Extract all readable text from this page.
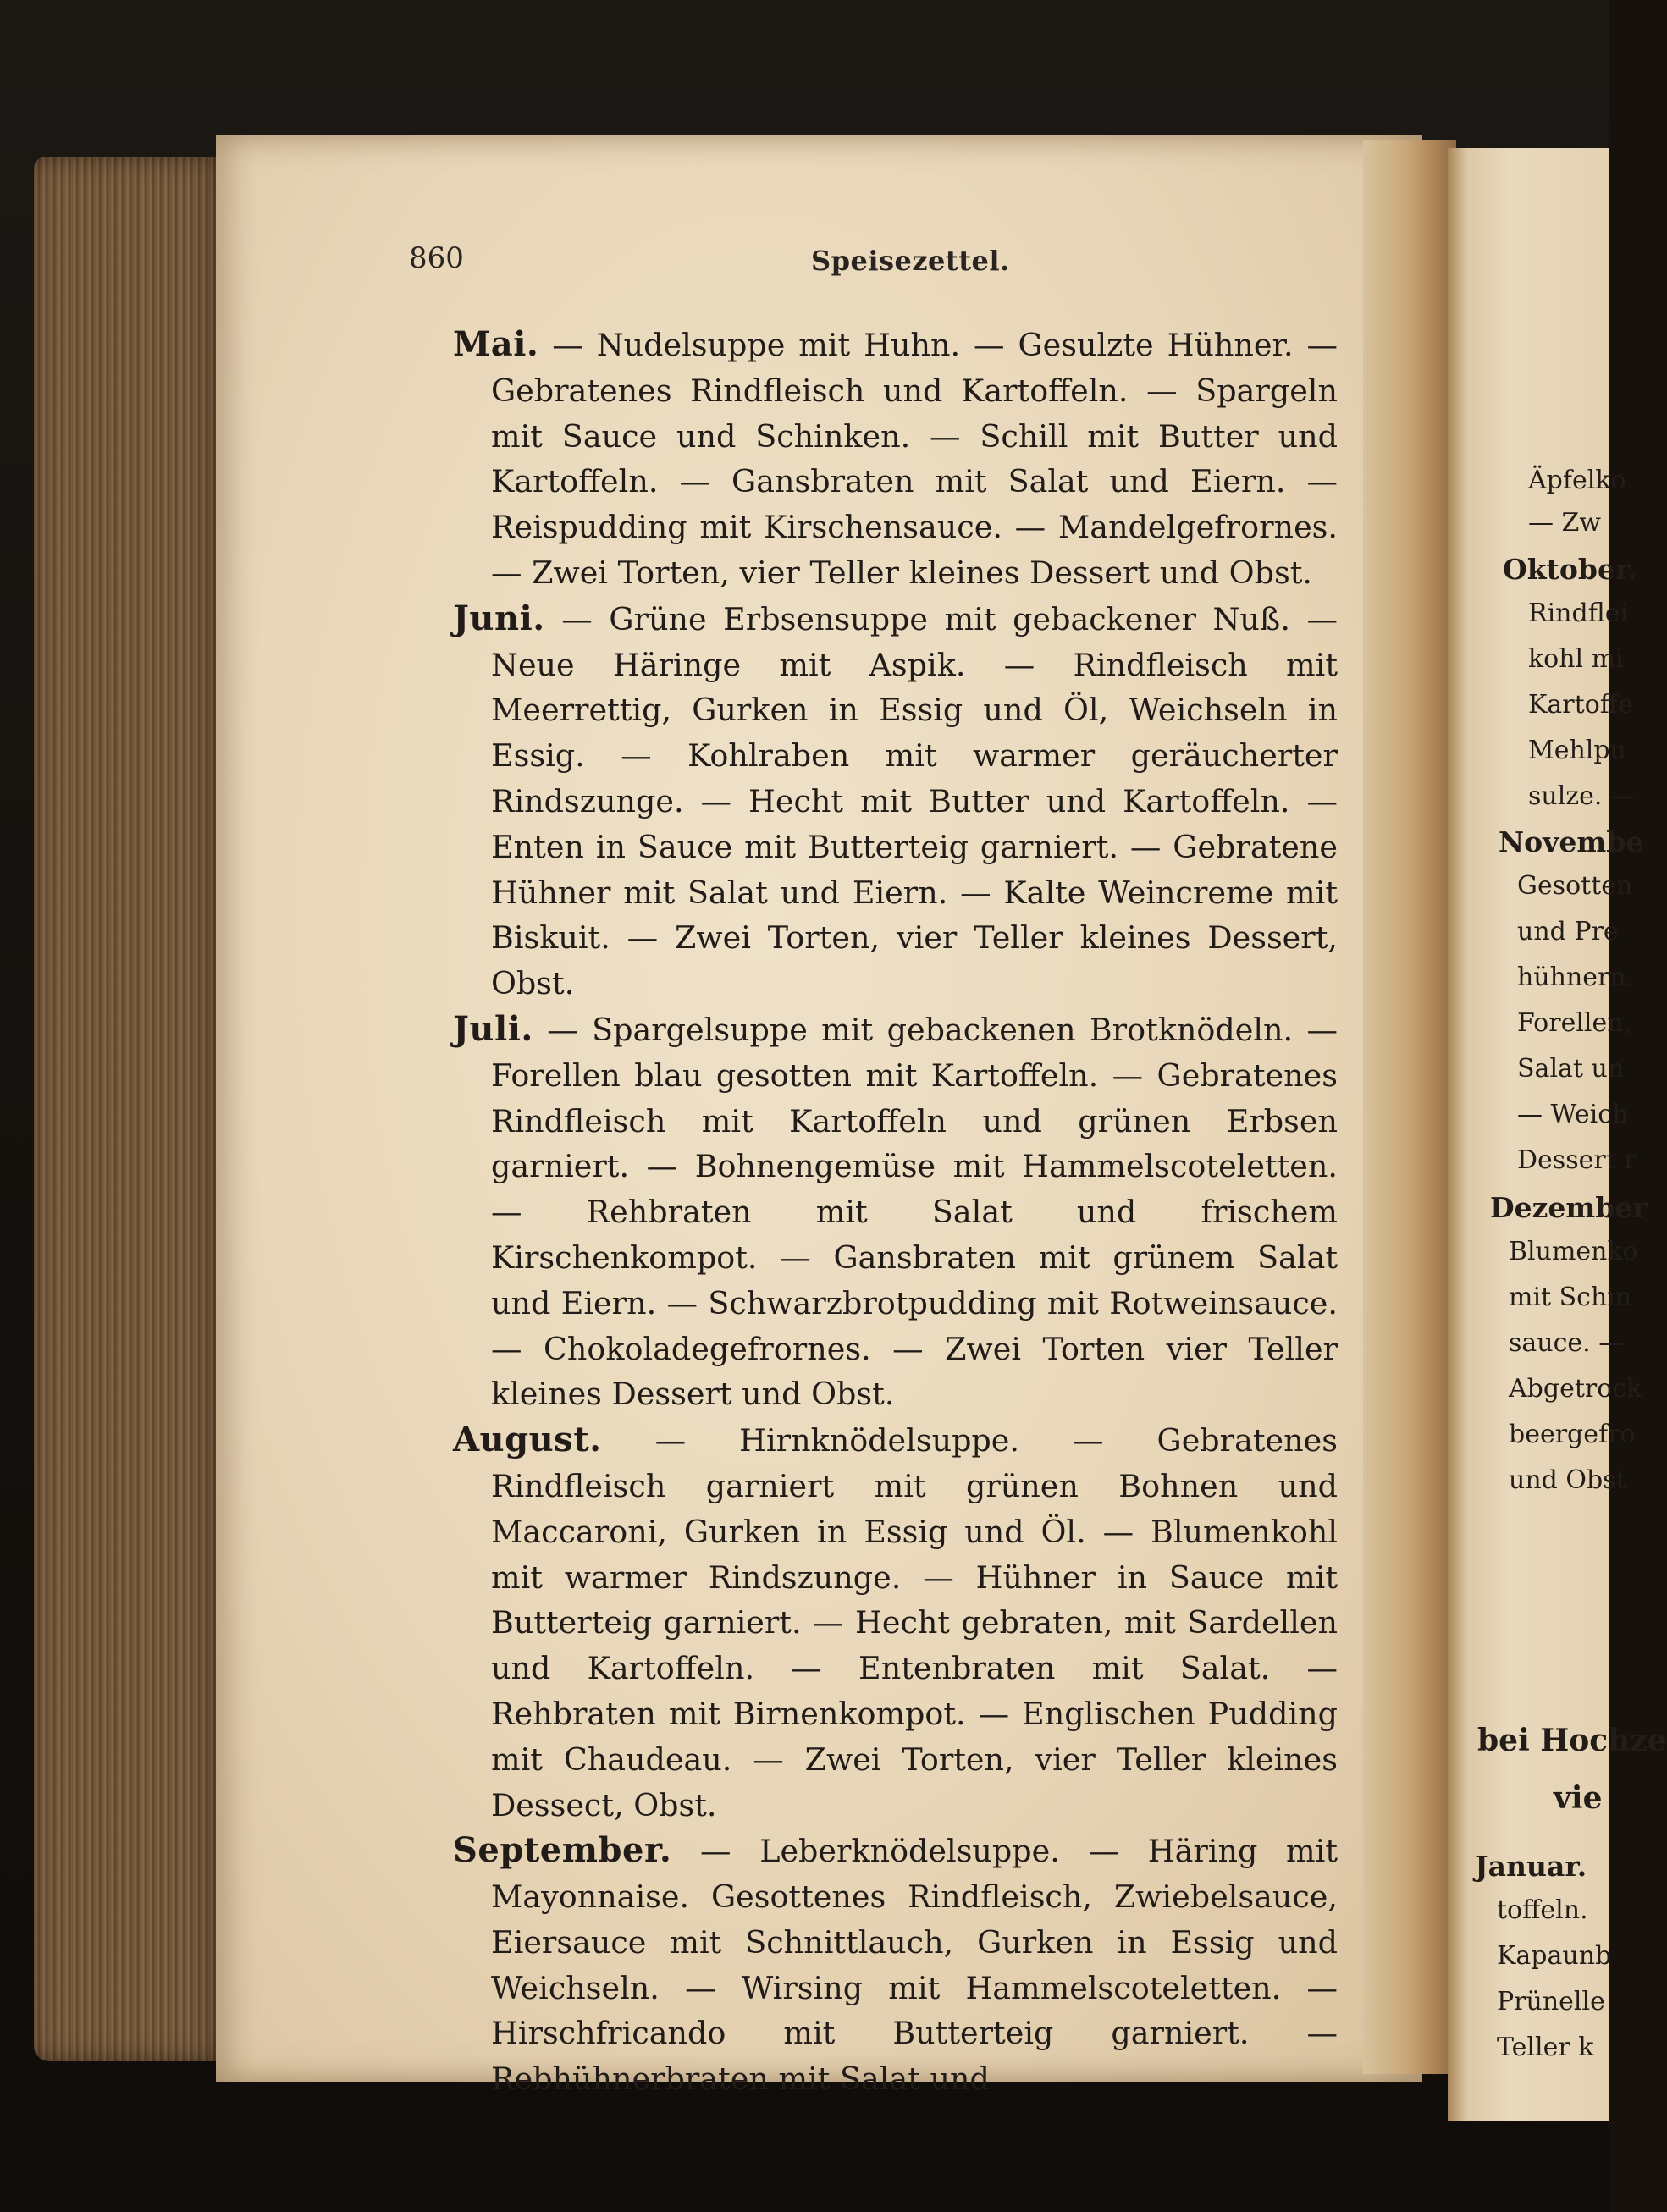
Äpfelko
— Zw
Oktober.
Rindflei
kohl mi
Kartoffe
Mehlpu
sulze. —
Novembe
Gesotten
und Pre
hühnern.
Forellen,
Salat un
— Weich
Dessert r
Dezember
Blumenko
mit Schin
sauce. —
Abgetrock
beergefro
und Obst
bei Hochze
vie
Januar.
toffeln.
Kapaunb
Prünelle
Teller k
860	Speisezettel.

Mai. — Nudelsuppe mit Huhn. — Gesulzte Hühner. — Gebratenes Rindfleisch und Kartoffeln. — Spargeln mit Sauce und Schinken. — Schill mit Butter und Kartoffeln. — Gansbraten mit Salat und Eiern. — Reispudding mit Kirschensauce. — Mandelgefrornes. — Zwei Torten, vier Teller kleines Dessert und Obst.

Juni. — Grüne Erbsensuppe mit gebackener Nuß. — Neue Häringe mit Aspik. — Rindfleisch mit Meerrettig, Gurken in Essig und Öl, Weichseln in Essig. — Kohlraben mit warmer geräucherter Rindszunge. — Hecht mit Butter und Kartoffeln. — Enten in Sauce mit Butterteig garniert. — Gebratene Hühner mit Salat und Eiern. — Kalte Weincreme mit Biskuit. — Zwei Torten, vier Teller kleines Dessert, Obst.

Juli. — Spargelsuppe mit gebackenen Brotknödeln. — Forellen blau gesotten mit Kartoffeln. — Gebratenes Rindfleisch mit Kartoffeln und grünen Erbsen garniert. — Bohnengemüse mit Hammelscoteletten. — Rehbraten mit Salat und frischem Kirschenkompot. — Gansbraten mit grünem Salat und Eiern. — Schwarzbrotpudding mit Rotweinsauce. — Chokoladegefrornes. — Zwei Torten vier Teller kleines Dessert und Obst.

August. — Hirnknödelsuppe. — Gebratenes Rindfleisch garniert mit grünen Bohnen und Maccaroni, Gurken in Essig und Öl. — Blumenkohl mit warmer Rindszunge. — Hühner in Sauce mit Butterteig garniert. — Hecht gebraten, mit Sardellen und Kartoffeln. — Entenbraten mit Salat. — Rehbraten mit Birnenkompot. — Englischen Pudding mit Chaudeau. — Zwei Torten, vier Teller kleines Dessect, Obst.

September. — Leberknödelsuppe. — Häring mit Mayonnaise. Gesottenes Rindfleisch, Zwiebelsauce, Eiersauce mit Schnittlauch, Gurken in Essig und Weichseln. — Wirsing mit Hammelscoteletten. — Hirschfricando mit Butterteig garniert. — Rebhühnerbraten mit Salat und
